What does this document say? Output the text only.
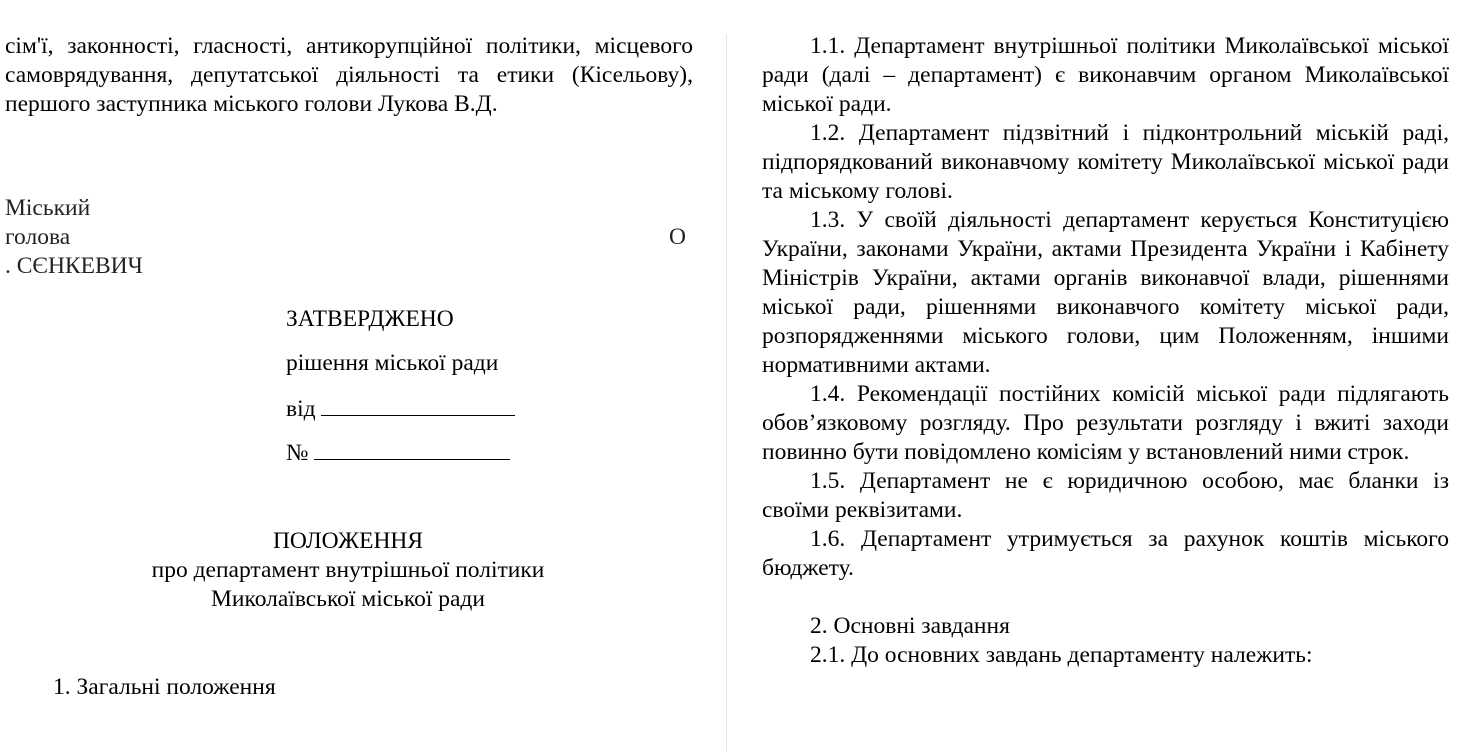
сім'ї, законності, гласності, антикорупційної політики, місцевого самоврядування, депутатської діяльності та етики (Кісельову), першого заступника міського голови Лукова В.Д.

Міський
голова	О
. СЄНКЕВИЧ
ЗАТВЕРДЖЕНО
рішення міської ради
від
№

ПОЛОЖЕННЯ

про департамент внутрішньої політики

Миколаївської міської ради

1. Загальні положення

1.1. Департамент внутрішньої політики Миколаївської міської ради (далі – департамент) є виконавчим органом Миколаївської міської ради.

1.2. Департамент підзвітний і підконтрольний міській раді, підпорядкований виконавчому комітету Миколаївської міської ради та міському голові.

1.3. У своїй діяльності департамент керується Конституцією України, законами України, актами Президента України і Кабінету Міністрів України, актами органів виконавчої влади, рішеннями міської ради, рішеннями виконавчого комітету міської ради, розпорядженнями міського голови, цим Положенням, іншими нормативними актами.

1.4. Рекомендації постійних комісій міської ради підлягають обов’язковому розгляду. Про результати розгляду і вжиті заходи повинно бути повідомлено комісіям у встановлений ними строк.

1.5. Департамент не є юридичною особою, має бланки із своїми реквізитами.

1.6. Департамент утримується за рахунок коштів міського бюджету.

2. Основні завдання

2.1. До основних завдань департаменту належить:
